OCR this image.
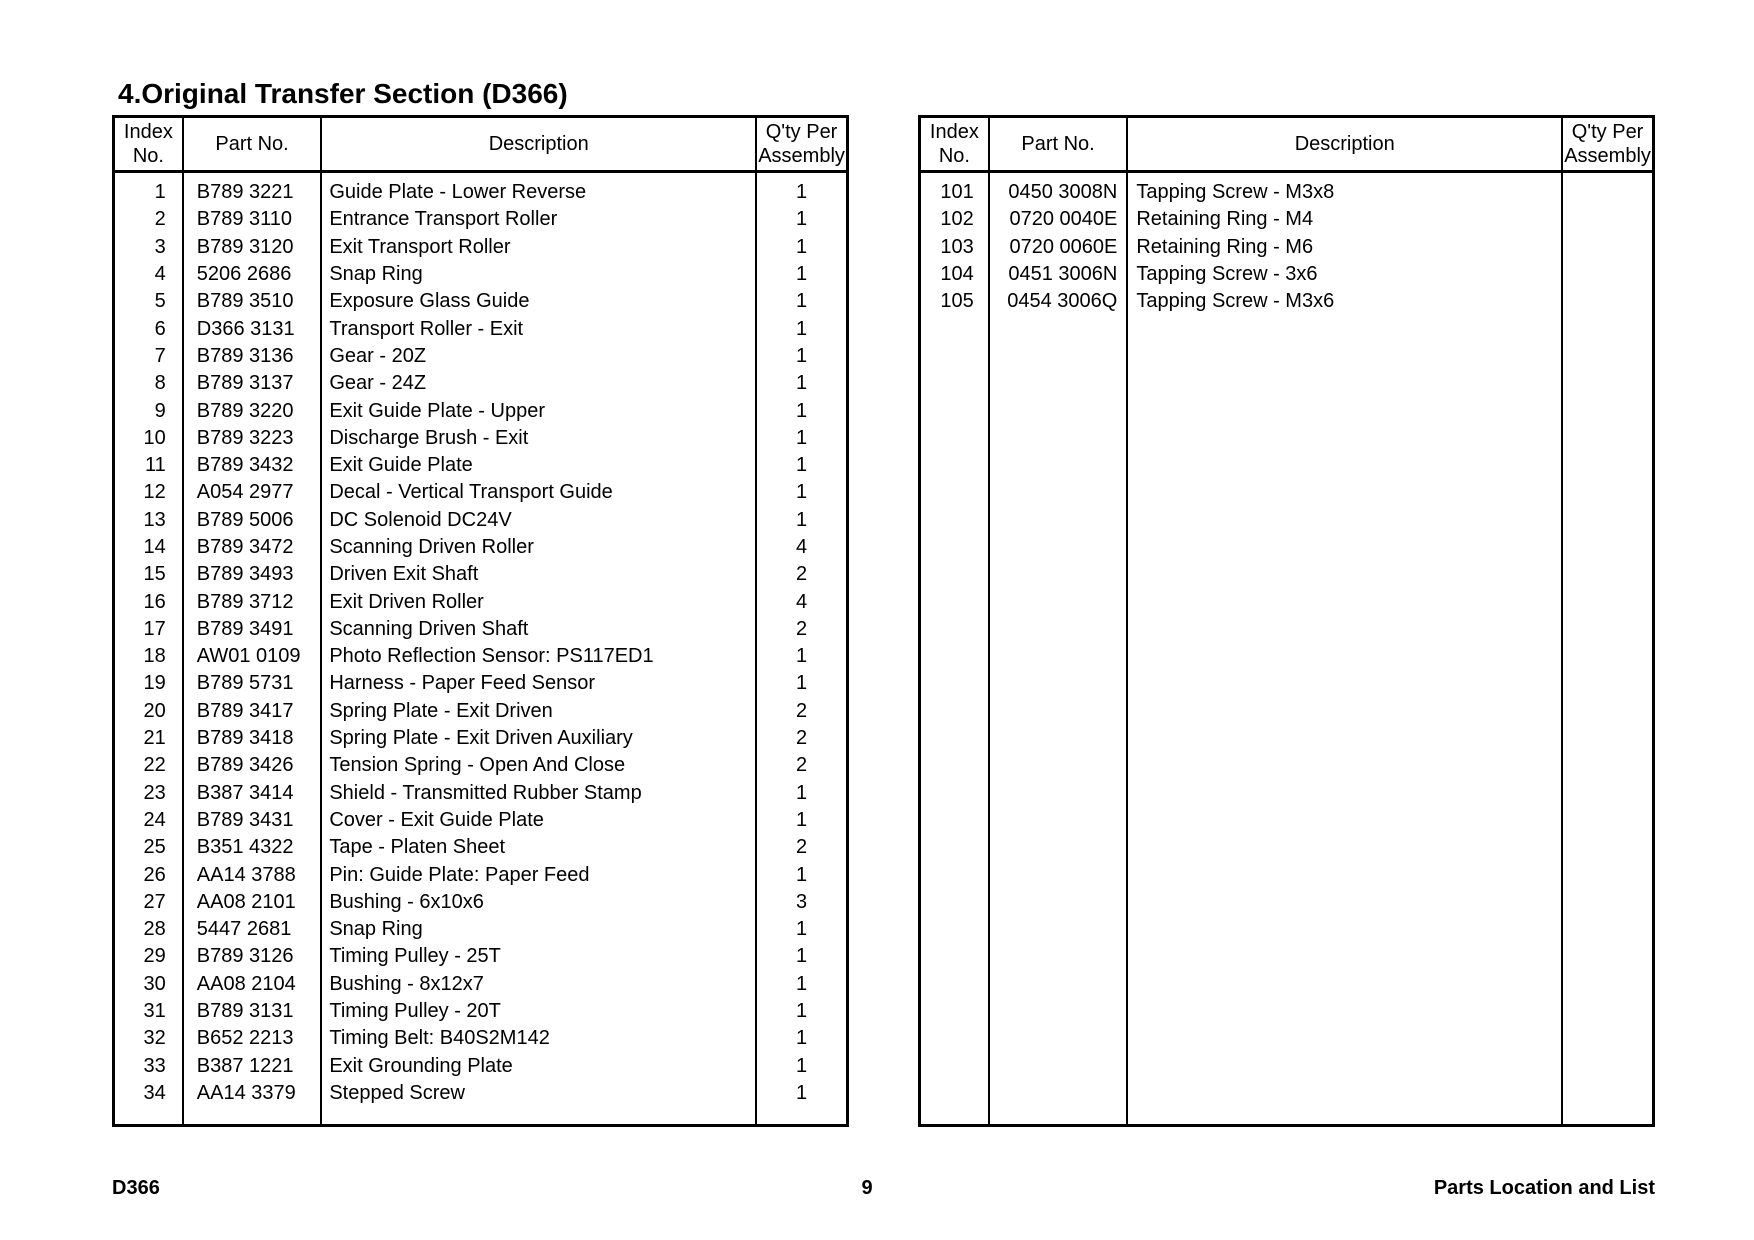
4.Original Transfer Section (D366)
Index
No.	Part No.	Description	Q'ty Per
Assembly
1	B789 3221	Guide Plate - Lower Reverse	1
2	B789 3110	Entrance Transport Roller	1
3	B789 3120	Exit Transport Roller	1
4	5206 2686	Snap Ring	1
5	B789 3510	Exposure Glass Guide	1
6	D366 3131	Transport Roller - Exit	1
7	B789 3136	Gear - 20Z	1
8	B789 3137	Gear - 24Z	1
9	B789 3220	Exit Guide Plate - Upper	1
10	B789 3223	Discharge Brush - Exit	1
11	B789 3432	Exit Guide Plate	1
12	A054 2977	Decal - Vertical Transport Guide	1
13	B789 5006	DC Solenoid DC24V	1
14	B789 3472	Scanning Driven Roller	4
15	B789 3493	Driven Exit Shaft	2
16	B789 3712	Exit Driven Roller	4
17	B789 3491	Scanning Driven Shaft	2
18	AW01 0109	Photo Reflection Sensor: PS117ED1	1
19	B789 5731	Harness - Paper Feed Sensor	1
20	B789 3417	Spring Plate - Exit Driven	2
21	B789 3418	Spring Plate - Exit Driven Auxiliary	2
22	B789 3426	Tension Spring - Open And Close	2
23	B387 3414	Shield - Transmitted Rubber Stamp	1
24	B789 3431	Cover - Exit Guide Plate	1
25	B351 4322	Tape - Platen Sheet	2
26	AA14 3788	Pin: Guide Plate: Paper Feed	1
27	AA08 2101	Bushing - 6x10x6	3
28	5447 2681	Snap Ring	1
29	B789 3126	Timing Pulley - 25T	1
30	AA08 2104	Bushing - 8x12x7	1
31	B789 3131	Timing Pulley - 20T	1
32	B652 2213	Timing Belt: B40S2M142	1
33	B387 1221	Exit Grounding Plate	1
34	AA14 3379	Stepped Screw	1

Index
No.	Part No.	Description	Q'ty Per
Assembly
101	0450 3008N	Tapping Screw - M3x8	
102	0720 0040E	Retaining Ring - M4	
103	0720 0060E	Retaining Ring - M6	
104	0451 3006N	Tapping Screw - 3x6	
105	0454 3006Q	Tapping Screw - M3x6	

D366	9	Parts Location and List
